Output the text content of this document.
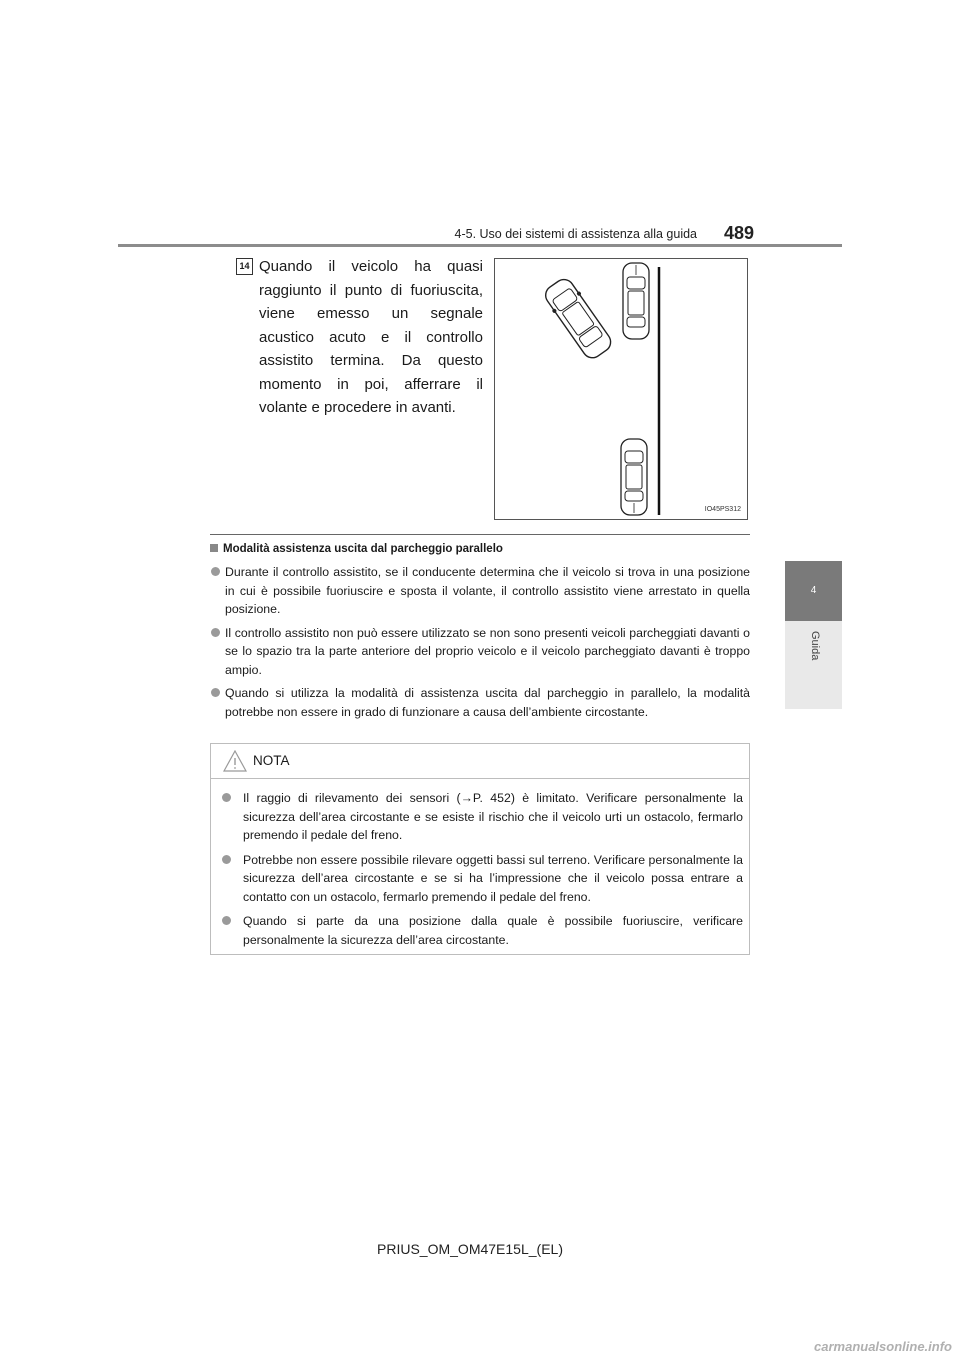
4-5. Uso dei sistemi di assistenza alla guida 489
4
Guida
14 Quando il veicolo ha quasi raggiunto il punto di fuoriuscita, viene emesso un segnale acustico acuto e il controllo assistito termina. Da questo momento in poi, afferrare il volante e procedere in avanti.
IO45PS312
Modalità assistenza uscita dal parcheggio parallelo
Durante il controllo assistito, se il conducente determina che il veicolo si trova in una posizione in cui è possibile fuoriuscire e sposta il volante, il controllo assistito viene arrestato in quella posizione.
Il controllo assistito non può essere utilizzato se non sono presenti veicoli parcheggiati davanti o se lo spazio tra la parte anteriore del proprio veicolo e il veicolo parcheggiato davanti è troppo ampio.
Quando si utilizza la modalità di assistenza uscita dal parcheggio in parallelo, la modalità potrebbe non essere in grado di funzionare a causa dell’ambiente circostante.
NOTA
Il raggio di rilevamento dei sensori (→P. 452) è limitato. Verificare personalmente la sicurezza dell’area circostante e se esiste il rischio che il veicolo urti un ostacolo, fermarlo premendo il pedale del freno.
Potrebbe non essere possibile rilevare oggetti bassi sul terreno. Verificare personalmente la sicurezza dell’area circostante e se si ha l’impressione che il veicolo possa entrare a contatto con un ostacolo, fermarlo premendo il pedale del freno.
Quando si parte da una posizione dalla quale è possibile fuoriuscire, verificare personalmente la sicurezza dell’area circostante.
PRIUS_OM_OM47E15L_(EL)
carmanualsonline.info
